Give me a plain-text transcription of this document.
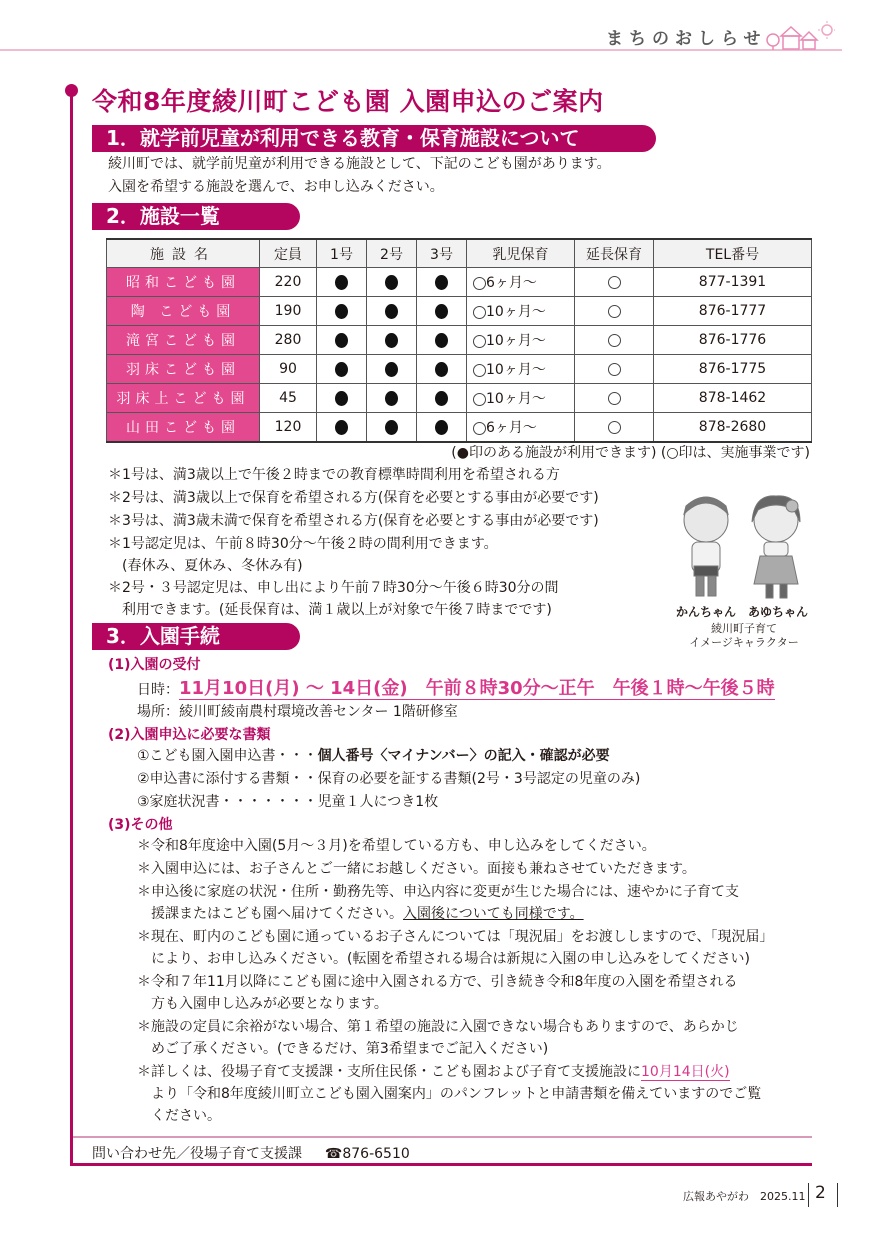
まちのおしらせ
令和8年度綾川町こども園 入園申込のご案内
1．就学前児童が利用できる教育・保育施設について
綾川町では、就学前児童が利用できる施設として、下記のこども園があります。
入園を希望する施設を選んで、お申し込みください。
2．施設一覧
施設名	定員	1号	2号	3号	乳児保育	延長保育	TEL番号
昭和こども園	220				6ヶ月〜		877-1391
陶 こども園	190				10ヶ月〜		876-1777
滝宮こども園	280				10ヶ月〜		876-1776
羽床こども園	90				10ヶ月〜		876-1775
羽床上こども園	45				10ヶ月〜		878-1462
山田こども園	120				6ヶ月〜		878-2680
(●印のある施設が利用できます) (○印は、実施事業です)
＊1号は、満3歳以上で午後２時までの教育標準時間利用を希望される方
＊2号は、満3歳以上で保育を希望される方(保育を必要とする事由が必要です)
＊3号は、満3歳未満で保育を希望される方(保育を必要とする事由が必要です)
＊1号認定児は、午前８時30分〜午後２時の間利用できます。
(春休み、夏休み、冬休み有)
＊2号・３号認定児は、申し出により午前７時30分〜午後６時30分の間
利用できます。(延長保育は、満１歳以上が対象で午後７時までです)	かんちゃん　あゆちゃん
綾川町子育て
イメージキャラクター
3．入園手続
(1)入園の受付
日時：11月10日(月) 〜 14日(金)　午前８時30分〜正午　午後１時〜午後５時
場所：綾川町綾南農村環境改善センター 1階研修室
(2)入園申込に必要な書類
①こども園入園申込書・・・個人番号〈マイナンバー〉の記入・確認が必要
②申込書に添付する書類・・保育の必要を証する書類(2号・3号認定の児童のみ)
③家庭状況書・・・・・・・児童１人につき1枚
(3)その他
＊令和8年度途中入園(5月〜３月)を希望している方も、申し込みをしてください。
＊入園申込には、お子さんとご一緒にお越しください。面接も兼ねさせていただきます。
＊申込後に家庭の状況・住所・勤務先等、申込内容に変更が生じた場合には、速やかに子育て支
援課またはこども園へ届けてください。入園後についても同様です。
＊現在、町内のこども園に通っているお子さんについては「現況届」をお渡ししますので、「現況届」
により、お申し込みください。(転園を希望される場合は新規に入園の申し込みをしてください)
＊令和７年11月以降にこども園に途中入園される方で、引き続き令和8年度の入園を希望される
方も入園申し込みが必要となります。
＊施設の定員に余裕がない場合、第１希望の施設に入園できない場合もありますので、あらかじ
めご了承ください。(できるだけ、第3希望までご記入ください)
＊詳しくは、役場子育て支援課・支所住民係・こども園および子育て支援施設に10月14日(火)
より「令和8年度綾川町立こども園入園案内」のパンフレットと申請書類を備えていますのでご覧
ください。
問い合わせ先／役場子育て支援課 ☎876-6510
広報あやがわ　2025.11 2
